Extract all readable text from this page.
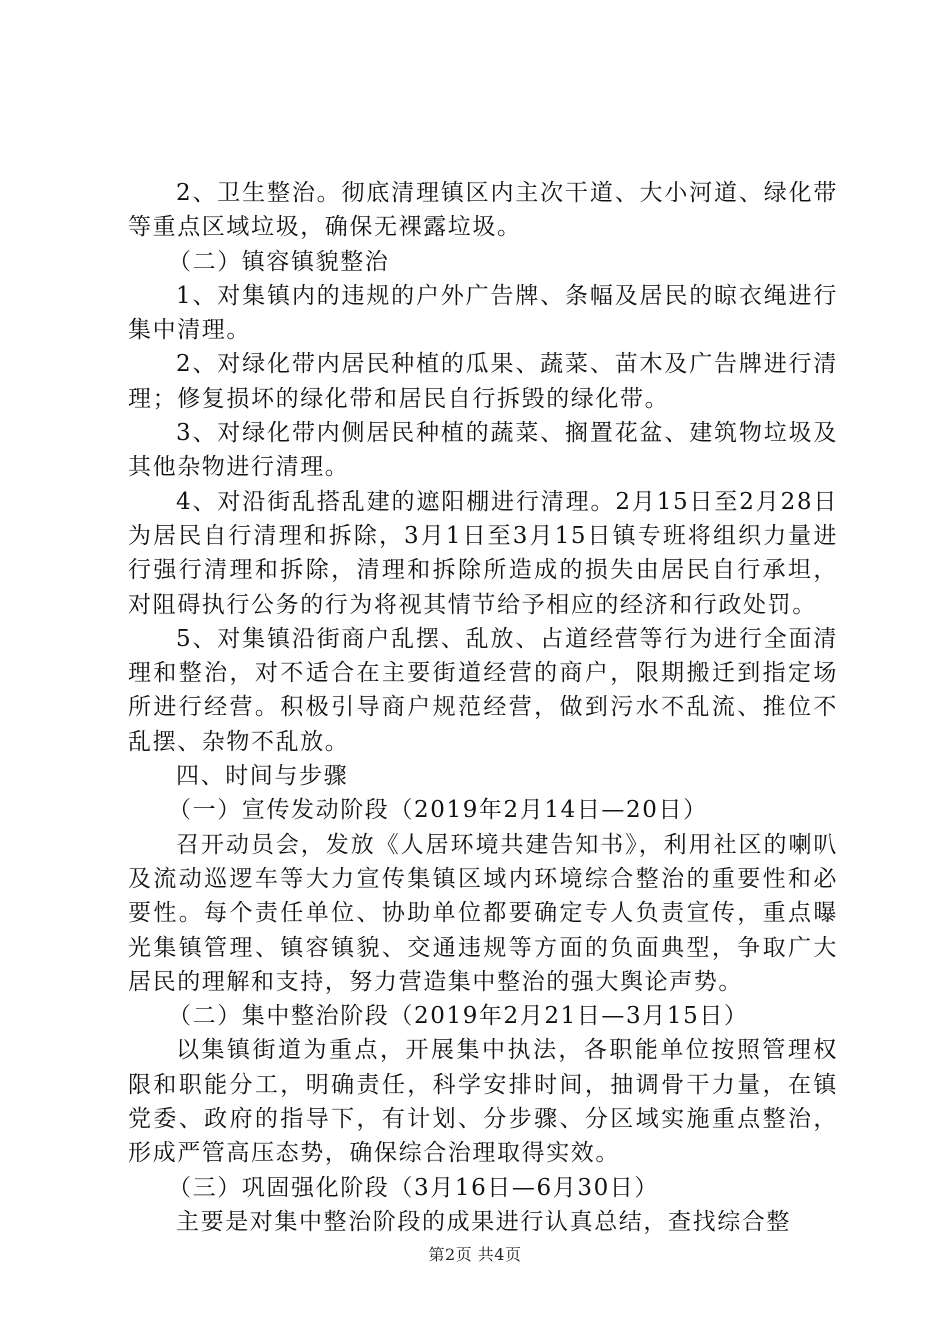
2、卫生整治。彻底清理镇区内主次干道、大小河道、绿化带等重点区域垃圾，确保无裸露垃圾。

（二）镇容镇貌整治

1、对集镇内的违规的户外广告牌、条幅及居民的晾衣绳进行集中清理。

2、对绿化带内居民种植的瓜果、蔬菜、苗木及广告牌进行清理；修复损坏的绿化带和居民自行拆毁的绿化带。

3、对绿化带内侧居民种植的蔬菜、搁置花盆、建筑物垃圾及其他杂物进行清理。

4、对沿街乱搭乱建的遮阳棚进行清理。2月15日至2月28日为居民自行清理和拆除，3月1日至3月15日镇专班将组织力量进行强行清理和拆除，清理和拆除所造成的损失由居民自行承坦，对阻碍执行公务的行为将视其情节给予相应的经济和行政处罚。

5、对集镇沿街商户乱摆、乱放、占道经营等行为进行全面清理和整治，对不适合在主要街道经营的商户，限期搬迁到指定场所进行经营。积极引导商户规范经营，做到污水不乱流、推位不乱摆、杂物不乱放。

四、时间与步骤

（一）宣传发动阶段（2019年2月14日—20日）

召开动员会，发放《人居环境共建告知书》，利用社区的喇叭及流动巡逻车等大力宣传集镇区域内环境综合整治的重要性和必要性。每个责任单位、协助单位都要确定专人负责宣传，重点曝光集镇管理、镇容镇貌、交通违规等方面的负面典型，争取广大居民的理解和支持，努力营造集中整治的强大舆论声势。

（二）集中整治阶段（2019年2月21日—3月15日）

以集镇街道为重点，开展集中执法，各职能单位按照管理权限和职能分工，明确责任，科学安排时间，抽调骨干力量，在镇党委、政府的指导下，有计划、分步骤、分区域实施重点整治，形成严管高压态势，确保综合治理取得实效。

（三）巩固强化阶段（3月16日—6月30日）

主要是对集中整治阶段的成果进行认真总结，查找综合整

第2页 共4页
